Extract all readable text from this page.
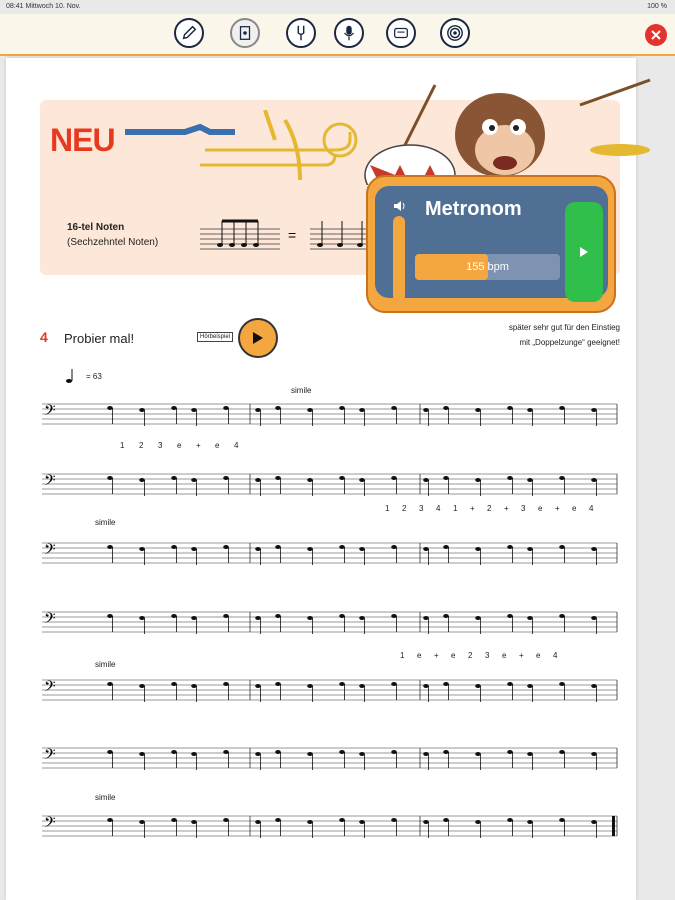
08:41 Mittwoch 10. Nov.	100 %
NEU
16-tel Noten
(Sechzehntel Noten)	=
Metronom
155 bpm
später sehr gut für den Einstieg
mit „Doppelzunge“ geeignet!
4 Probier mal!	Hörbeispiel
= 63
𝄢
𝄢
𝄢
𝄢
𝄢
𝄢
𝄢
simile
simile
simile
simile
1 2 3 e + e 4
1 2 3 4 1 + 2 + 3 e + e 4
1 e + e 2 3 e + e 4
